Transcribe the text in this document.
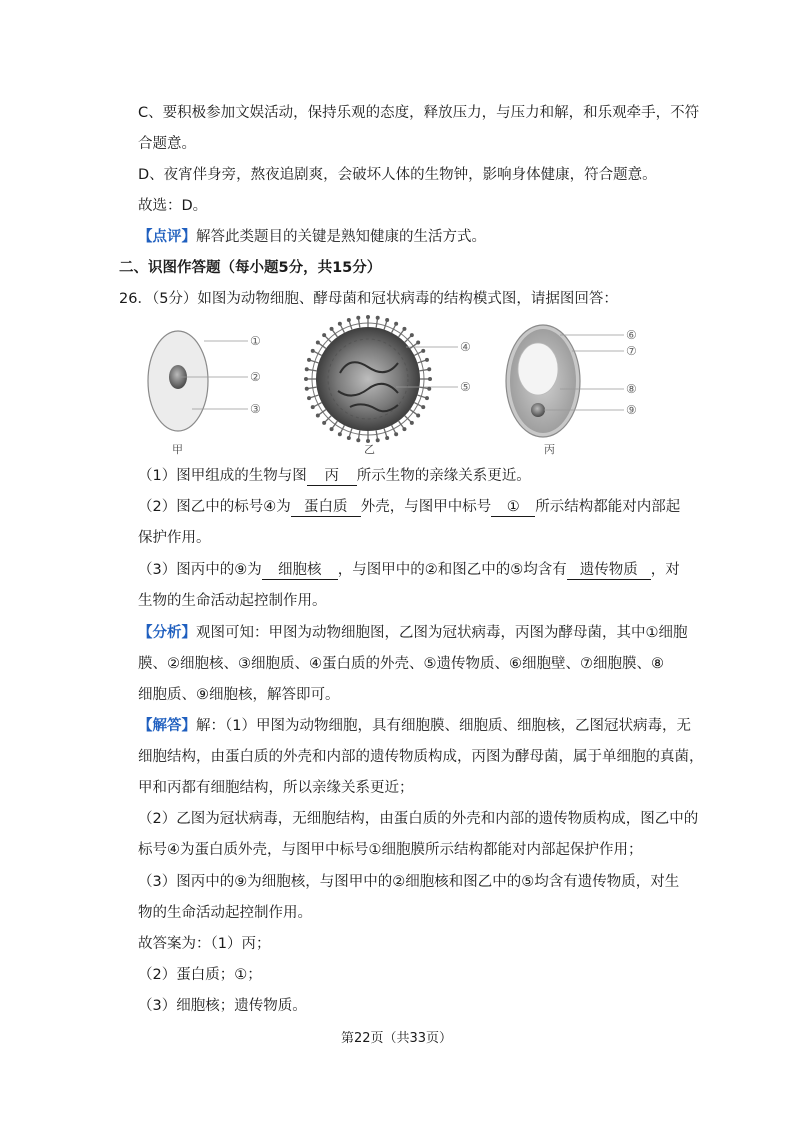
C、要积极参加文娱活动，保持乐观的态度，释放压力，与压力和解，和乐观牵手，不符
合题意。
D、夜宵伴身旁，熬夜追剧爽，会破坏人体的生物钟，影响身体健康，符合题意。
故选：D。
【点评】解答此类题目的关键是熟知健康的生活方式。
二、识图作答题（每小题5分，共15分）
26．（5分）如图为动物细胞、酵母菌和冠状病毒的结构模式图，请据图回答：
①
②
③
甲
④
⑤
乙
⑥
⑦
⑧
⑨
丙
（1）图甲组成的生物与图 丙 所示生物的亲缘关系更近。
（2）图乙中的标号④为 蛋白质 外壳，与图甲中标号 ① 所示结构都能对内部起
保护作用。
（3）图丙中的⑨为 细胞核 ，与图甲中的②和图乙中的⑤均含有 遗传物质 ，对
生物的生命活动起控制作用。
【分析】观图可知：甲图为动物细胞图，乙图为冠状病毒，丙图为酵母菌，其中①细胞
膜、②细胞核、③细胞质、④蛋白质的外壳、⑤遗传物质、⑥细胞壁、⑦细胞膜、⑧
细胞质、⑨细胞核，解答即可。
【解答】解：（1）甲图为动物细胞，具有细胞膜、细胞质、细胞核，乙图冠状病毒，无
细胞结构，由蛋白质的外壳和内部的遗传物质构成，丙图为酵母菌，属于单细胞的真菌，
甲和丙都有细胞结构，所以亲缘关系更近；
（2）乙图为冠状病毒，无细胞结构，由蛋白质的外壳和内部的遗传物质构成，图乙中的
标号④为蛋白质外壳，与图甲中标号①细胞膜所示结构都能对内部起保护作用；
（3）图丙中的⑨为细胞核，与图甲中的②细胞核和图乙中的⑤均含有遗传物质，对生
物的生命活动起控制作用。
故答案为：（1）丙；
（2）蛋白质；①；
（3）细胞核；遗传物质。
第22页（共33页）
